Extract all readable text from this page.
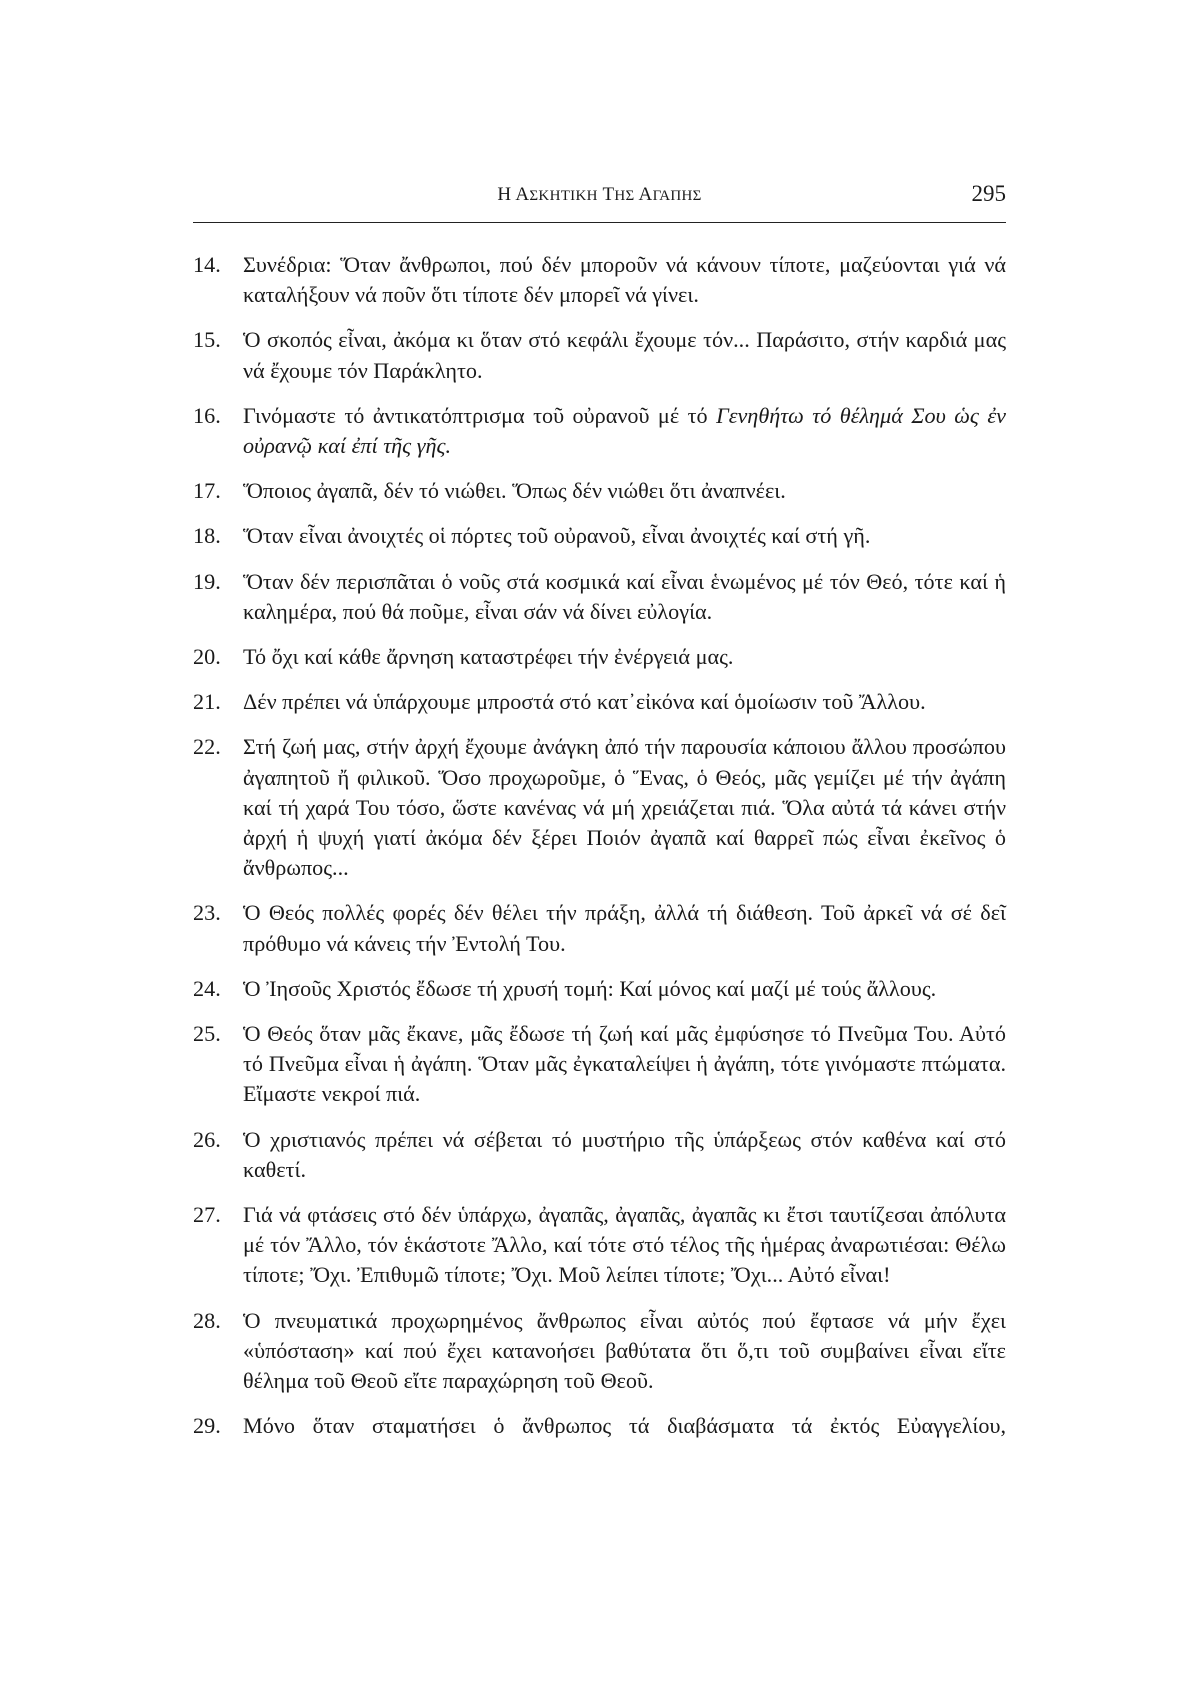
Η ΑΣΚΗΤΙΚΗ ΤΗΣ ΑΓΑΠΗΣ	295
14. Συνέδρια: Ὅταν ἄνθρωποι, πού δέν μποροῦν νά κάνουν τίποτε, μαζεύονται γιά νά καταλήξουν νά ποῦν ὅτι τίποτε δέν μπορεῖ νά γίνει.
15. Ὁ σκοπός εἶναι, ἀκόμα κι ὅταν στό κεφάλι ἔχουμε τόν... Παράσιτο, στήν καρδιά μας νά ἔχουμε τόν Παράκλητο.
16. Γινόμαστε τό ἀντικατόπτρισμα τοῦ οὐρανοῦ μέ τό Γενηθήτω τό θέλημά Σου ὡς ἐν οὐρανῷ καί ἐπί τῆς γῆς.
17. Ὅποιος ἀγαπᾶ, δέν τό νιώθει. Ὅπως δέν νιώθει ὅτι ἀναπνέει.
18. Ὅταν εἶναι ἀνοιχτές οἱ πόρτες τοῦ οὐρανοῦ, εἶναι ἀνοιχτές καί στή γῆ.
19. Ὅταν δέν περισπᾶται ὁ νοῦς στά κοσμικά καί εἶναι ἑνωμένος μέ τόν Θεό, τότε καί ἡ καλημέρα, πού θά ποῦμε, εἶναι σάν νά δίνει εὐλογία.
20. Τό ὄχι καί κάθε ἄρνηση καταστρέφει τήν ἐνέργειά μας.
21. Δέν πρέπει νά ὑπάρχουμε μπροστά στό κατ᾽εἰκόνα καί ὁμοίωσιν τοῦ Ἄλλου.
22. Στή ζωή μας, στήν ἀρχή ἔχουμε ἀνάγκη ἀπό τήν παρουσία κάποιου ἄλλου προσώπου ἀγαπητοῦ ἤ φιλικοῦ. Ὅσο προχωροῦμε, ὁ Ἕνας, ὁ Θεός, μᾶς γεμίζει μέ τήν ἀγάπη καί τή χαρά Του τόσο, ὥστε κανένας νά μή χρειάζεται πιά. Ὅλα αὐτά τά κάνει στήν ἀρχή ἡ ψυχή γιατί ἀκόμα δέν ξέρει Ποιόν ἀγαπᾶ καί θαρρεῖ πώς εἶναι ἐκεῖνος ὁ ἄνθρωπος...
23. Ὁ Θεός πολλές φορές δέν θέλει τήν πράξη, ἀλλά τή διάθεση. Τοῦ ἀρκεῖ νά σέ δεῖ πρόθυμο νά κάνεις τήν Ἐντολή Του.
24. Ὁ Ἰησοῦς Χριστός ἔδωσε τή χρυσή τομή: Καί μόνος καί μαζί μέ τούς ἄλλους.
25. Ὁ Θεός ὅταν μᾶς ἔκανε, μᾶς ἔδωσε τή ζωή καί μᾶς ἐμφύσησε τό Πνεῦμα Του. Αὐτό τό Πνεῦμα εἶναι ἡ ἀγάπη. Ὅταν μᾶς ἐγκαταλείψει ἡ ἀγάπη, τότε γινόμαστε πτώματα. Εἴμαστε νεκροί πιά.
26. Ὁ χριστιανός πρέπει νά σέβεται τό μυστήριο τῆς ὑπάρξεως στόν καθένα καί στό καθετί.
27. Γιά νά φτάσεις στό δέν ὑπάρχω, ἀγαπᾶς, ἀγαπᾶς, ἀγαπᾶς κι ἔτσι ταυτίζεσαι ἀπόλυτα μέ τόν Ἄλλο, τόν ἑκάστοτε Ἄλλο, καί τότε στό τέλος τῆς ἡμέρας ἀναρωτιέσαι: Θέλω τίποτε; Ὄχι. Ἐπιθυμῶ τίποτε; Ὄχι. Μοῦ λείπει τίποτε; Ὄχι... Αὐτό εἶναι!
28. Ὁ πνευματικά προχωρημένος ἄνθρωπος εἶναι αὐτός πού ἔφτασε νά μήν ἔχει «ὑπόσταση» καί πού ἔχει κατανοήσει βαθύτατα ὅτι ὅ,τι τοῦ συμβαίνει εἶναι εἴτε θέλημα τοῦ Θεοῦ εἴτε παραχώρηση τοῦ Θεοῦ.
29. Μόνο ὅταν σταματήσει ὁ ἄνθρωπος τά διαβάσματα τά ἐκτός Εὐαγγελίου,
